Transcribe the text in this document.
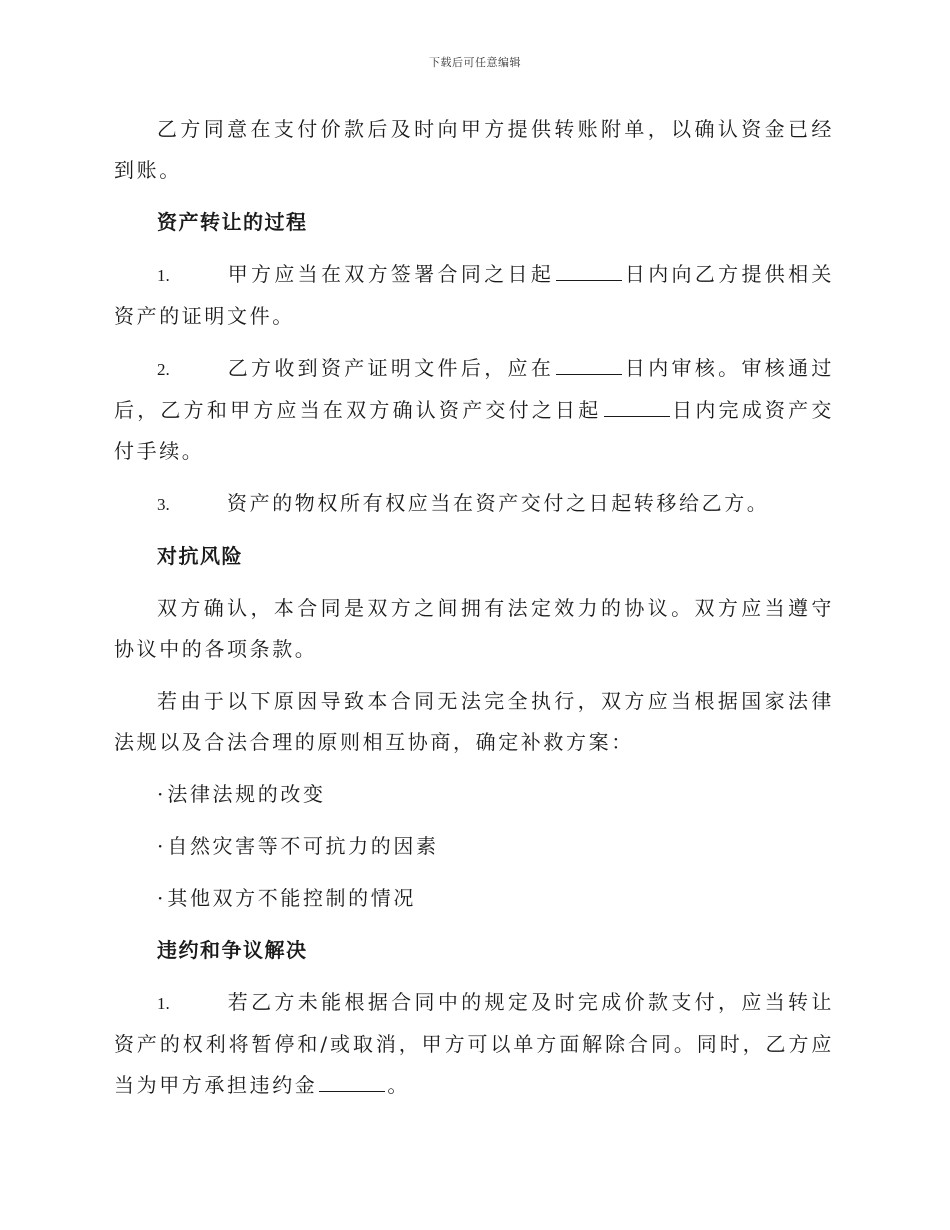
下载后可任意编辑

乙方同意在支付价款后及时向甲方提供转账附单，以确认资金已经到账。

资产转让的过程

1.	甲方应当在双方签署合同之日起	日内向乙方提供相关资产的证明文件。

2.	乙方收到资产证明文件后，应在	日内审核。审核通过后，乙方和甲方应当在双方确认资产交付之日起	日内完成资产交付手续。

3.	资产的物权所有权应当在资产交付之日起转移给乙方。

对抗风险

双方确认，本合同是双方之间拥有法定效力的协议。双方应当遵守协议中的各项条款。

若由于以下原因导致本合同无法完全执行，双方应当根据国家法律法规以及合法合理的原则相互协商，确定补救方案：

· 法律法规的改变
· 自然灾害等不可抗力的因素
· 其他双方不能控制的情况
违约和争议解决

1.	若乙方未能根据合同中的规定及时完成价款支付，应当转让资产的权利将暂停和/或取消，甲方可以单方面解除合同。同时，乙方应当为甲方承担违约金	。
